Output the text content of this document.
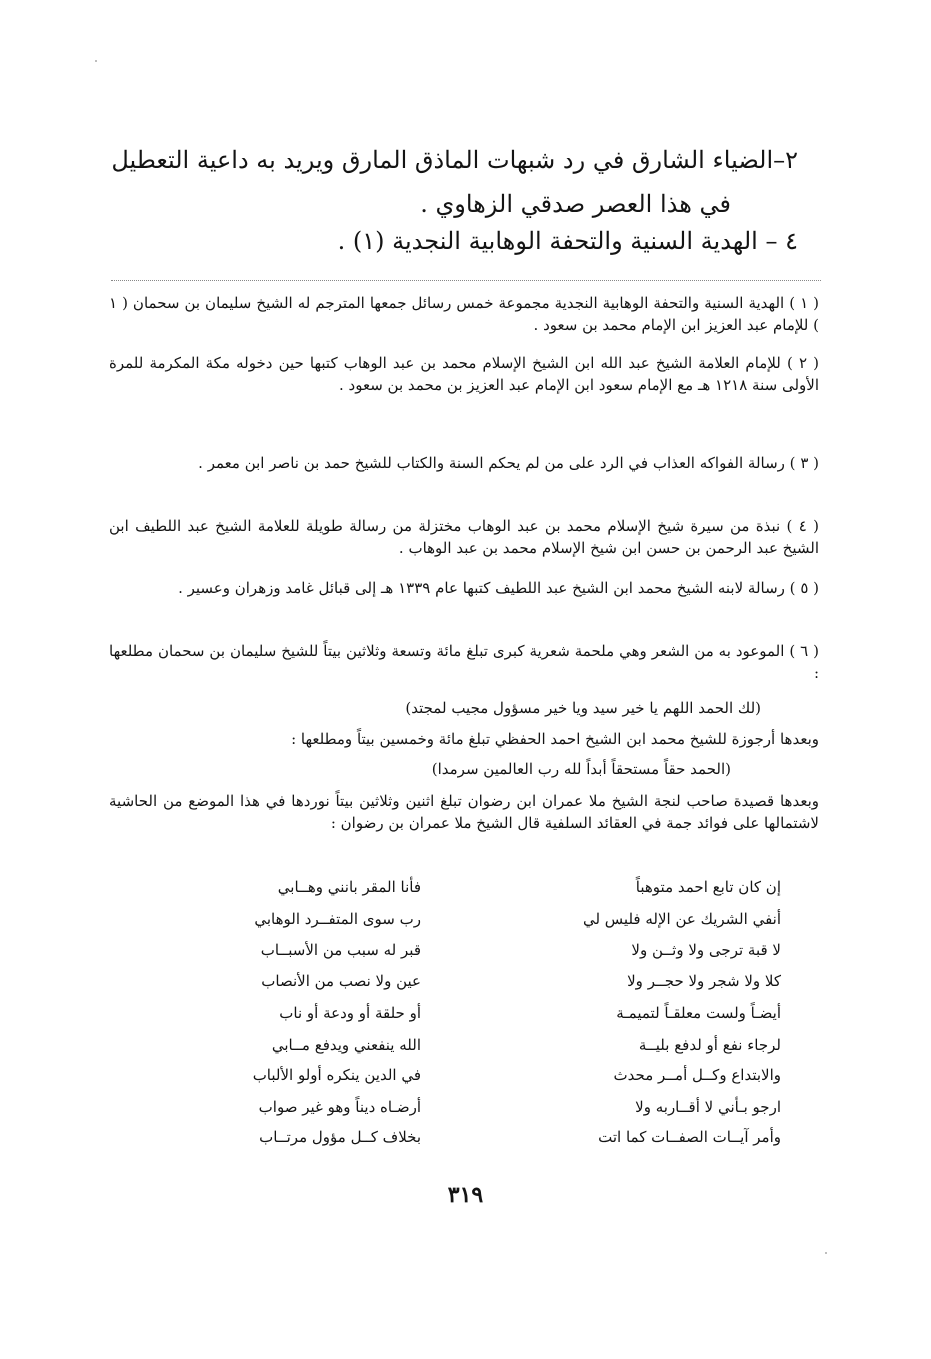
٢–الضياء الشارق في رد شبهات الماذق المارق ويريد به داعية التعطيل
في هذا العصر صدقي الزهاوي .
٤ – الهدية السنية والتحفة الوهابية النجدية (١) .
( ١ ) الهدية السنية والتحفة الوهابية النجدية مجموعة خمس رسائل جمعها المترجم له الشيخ سليمان بن سحمان ( ١ ) للإمام عبد العزيز ابن الإمام محمد بن سعود .
( ٢ ) للإمام العلامة الشيخ عبد الله ابن الشيخ الإسلام محمد بن عبد الوهاب كتبها حين دخوله مكة المكرمة للمرة الأولى سنة ١٢١٨ هـ مع الإمام سعود ابن الإمام عبد العزيز بن محمد بن سعود .
( ٣ ) رسالة الفواكه العذاب في الرد على من لم يحكم السنة والكتاب للشيخ حمد بن ناصر ابن معمر .
( ٤ ) نبذة من سيرة شيخ الإسلام محمد بن عبد الوهاب مختزلة من رسالة طويلة للعلامة الشيخ عبد اللطيف ابن الشيخ عبد الرحمن بن حسن ابن شيخ الإسلام محمد بن عبد الوهاب .
( ٥ ) رسالة لابنه الشيخ محمد ابن الشيخ عبد اللطيف كتبها عام ١٣٣٩ هـ إلى قبائل غامد وزهران وعسير .
( ٦ ) الموعود به من الشعر وهي ملحمة شعرية كبرى تبلغ مائة وتسعة وثلاثين بيتاً للشيخ سليمان بن سحمان مطلعها :
(لك الحمد اللهم يا خير سيد ويا خير مسؤول مجيب لمجتد)
وبعدها أرجوزة للشيخ محمد ابن الشيخ احمد الحفظي تبلغ مائة وخمسين بيتاً ومطلعها :
(الحمد حقاً مستحقاً أبداً لله رب العالمين سرمدا)
وبعدها قصيدة صاحب لنجة الشيخ ملا عمران ابن رضوان تبلغ اثنين وثلاثين بيتاً نوردها في هذا الموضع من الحاشية لاشتمالها على فوائد جمة في العقائد السلفية قال الشيخ ملا عمران بن رضوان :
إن كان تابع احمد متوهباً
فأنا المقر بانني وهــابي
أنفي الشريك عن الإله فليس لي
رب سوى المتفــرد الوهابي
لا قبة ترجى ولا وثــن ولا
قبر له سبب من الأسبــاب
كلا ولا شجر ولا حجــر ولا
عين ولا نصب من الأنصاب
أيضـاً ولست معلقـاً لتميمـة
أو حلقة أو ودعة أو ناب
لرجاء نفع أو لدفع بليــة
الله ينفعني ويدفع مــابي
والابتداع وكــل أمــر محدث
في الدين ينكره أولو الألباب
ارجو بـأني لا أقــاربه ولا
أرضـاه ديناً وهو غير صواب
وأمر آيــات الصفــات كما اتت
بخلاف كــل مؤول مرتــاب
٣١٩
